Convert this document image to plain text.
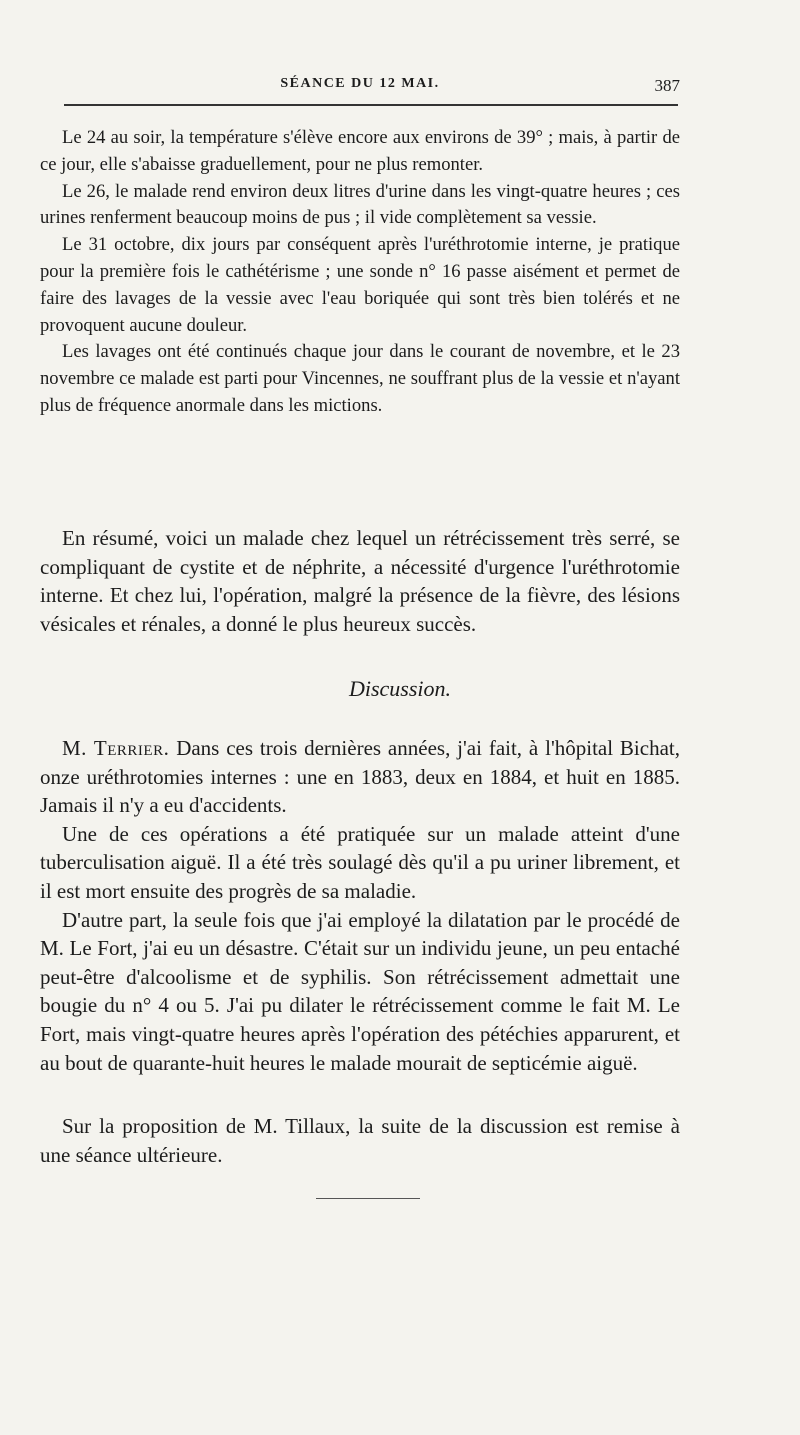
SÉANCE DU 12 MAI.	387

Le 24 au soir, la température s'élève encore aux environs de 39° ; mais, à partir de ce jour, elle s'abaisse graduellement, pour ne plus remonter.

Le 26, le malade rend environ deux litres d'urine dans les vingt-quatre heures ; ces urines renferment beaucoup moins de pus ; il vide complètement sa vessie.

Le 31 octobre, dix jours par conséquent après l'uréthrotomie interne, je pratique pour la première fois le cathétérisme ; une sonde n° 16 passe aisément et permet de faire des lavages de la vessie avec l'eau boriquée qui sont très bien tolérés et ne provoquent aucune douleur.

Les lavages ont été continués chaque jour dans le courant de novembre, et le 23 novembre ce malade est parti pour Vincennes, ne souffrant plus de la vessie et n'ayant plus de fréquence anormale dans les mictions.

En résumé, voici un malade chez lequel un rétrécissement très serré, se compliquant de cystite et de néphrite, a nécessité d'urgence l'uréthrotomie interne. Et chez lui, l'opération, malgré la présence de la fièvre, des lésions vésicales et rénales, a donné le plus heureux succès.

Discussion.

M. Terrier. Dans ces trois dernières années, j'ai fait, à l'hôpital Bichat, onze uréthrotomies internes : une en 1883, deux en 1884, et huit en 1885. Jamais il n'y a eu d'accidents.

Une de ces opérations a été pratiquée sur un malade atteint d'une tuberculisation aiguë. Il a été très soulagé dès qu'il a pu uriner librement, et il est mort ensuite des progrès de sa maladie.

D'autre part, la seule fois que j'ai employé la dilatation par le procédé de M. Le Fort, j'ai eu un désastre. C'était sur un individu jeune, un peu entaché peut-être d'alcoolisme et de syphilis. Son rétrécissement admettait une bougie du n° 4 ou 5. J'ai pu dilater le rétrécissement comme le fait M. Le Fort, mais vingt-quatre heures après l'opération des pétéchies apparurent, et au bout de quarante-huit heures le malade mourait de septicémie aiguë.

Sur la proposition de M. Tillaux, la suite de la discussion est remise à une séance ultérieure.
